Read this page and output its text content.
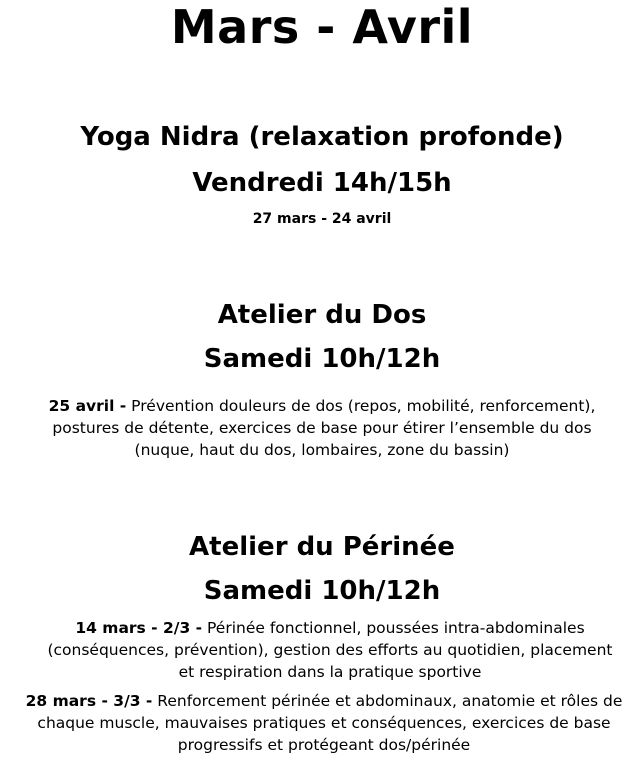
Mars - Avril
Yoga Nidra (relaxation profonde)
Vendredi 14h/15h
27 mars - 24 avril
Atelier du Dos
Samedi 10h/12h
25 avril - Prévention douleurs de dos (repos, mobilité, renforcement), postures de détente, exercices de base pour étirer l’ensemble du dos (nuque, haut du dos, lombaires, zone du bassin)
Atelier du Périnée
Samedi 10h/12h
14 mars - 2/3 - Périnée fonctionnel, poussées intra-abdominales (conséquences, prévention), gestion des efforts au quotidien, placement et respiration dans la pratique sportive
28 mars - 3/3 - Renforcement périnée et abdominaux, anatomie et rôles de chaque muscle, mauvaises pratiques et conséquences, exercices de base progressifs et protégeant dos/périnée
